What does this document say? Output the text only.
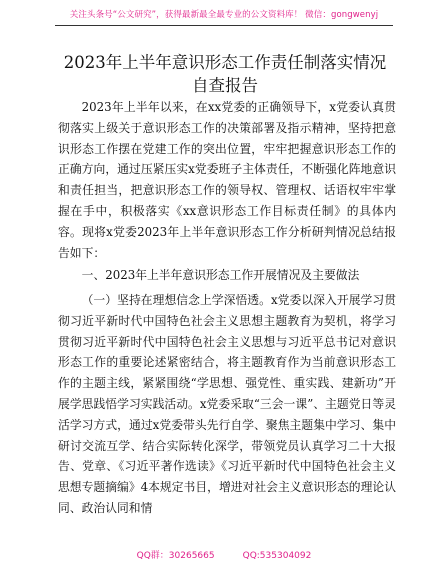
关注头条号“公文研究”，获得最新最全最专业的公文资料库！ 微信：gongwenyj
2023年上半年意识形态工作责任制落实情况自查报告

2023年上半年以来，在xx党委的正确领导下，x党委认真贯彻落实上级关于意识形态工作的决策部署及指示精神，坚持把意识形态工作摆在党建工作的突出位置，牢牢把握意识形态工作的正确方向，通过压紧压实x党委班子主体责任，不断强化阵地意识和责任担当，把意识形态工作的领导权、管理权、话语权牢牢掌握在手中，积极落实《xx意识形态工作目标责任制》的具体内容。现将x党委2023年上半年意识形态工作分析研判情况总结报告如下：

一、2023年上半年意识形态工作开展情况及主要做法

（一）坚持在理想信念上学深悟透。x党委以深入开展学习贯彻习近平新时代中国特色社会主义思想主题教育为契机，将学习贯彻习近平新时代中国特色社会主义思想与习近平总书记对意识形态工作的重要论述紧密结合，将主题教育作为当前意识形态工作的主题主线，紧紧围绕“学思想、强党性、重实践、建新功”开展学思践悟学习实践活动。x党委采取“三会一课”、主题党日等灵活学习方式，通过x党委带头先行自学、聚焦主题集中学习、集中研讨交流互学、结合实际转化深学，带领党员认真学习二十大报告、党章、《习近平著作选读》《习近平新时代中国特色社会主义思想专题摘编》4本规定书目，增进对社会主义意识形态的理论认同、政治认同和情

QQ群：30265665	QQ:535304092
